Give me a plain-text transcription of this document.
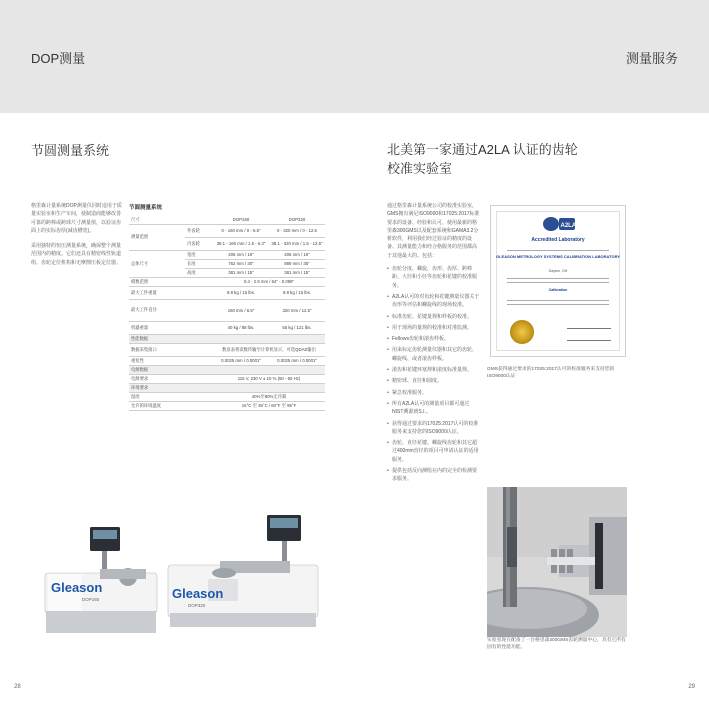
DOP测量	测量服务
节圆测量系统

格里森计量系统DOP测量仪同时适用于质量实验室和生产车间，使制造商能够改善可靠的跨棒或跨球尺寸测量值，以验证齿面上的实际齿厚(减齿槽宽)。

采用独特的恒压测量系统，确保整个测量范围内的精度。它们还具有精密线性轨道组、齿轮定位机构和无摩擦压板定位器。

节圆测量系统
尺寸		DOP160	DOP320
测量范围	外齿轮	0 - 160 mm / 0 - 6.5"	0 - 320 mm / 0 - 12.5
	内齿轮	38.1 - 160 mm / 1.5 - 6.3"	38.1 - 320 mm / 1.5 - 12.6"
总体尺寸	宽度	406 mm / 16"	406 mm / 16"
	长度	762 mm / 30"	889 mm / 35"
	高度	381 mm / 15"	381 mm / 15"
模数范围		0.4 - 2.5 mm / 64" - 0.098"	
最大工件重量		8.8 kg / 15 lbs.	8.8 kg / 15 lbs.
最大工件直径		160 mm / 6.5"	320 mm / 12.5"
机器重量		40 kg / 88 lbs.	55 kg / 121 lbs.
性能数据			
数据采集接口		数显表将读数传输至计算机显示，可选QDAS输出	
重复性		0.0025 mm / 0.0001"	0.0025 mm / 0.0001"
电源数据			
电源要求		115 V, 230 V ± 10 % (50 - 60 Hz)	
环境要求			
湿度		40%至80%无冷凝	
允许的环境温度		15°C 至 35°C / 60°F 至 95°F	
Gleason
DOP160	Gleason
DOP320
28
北美第一家通过A2LA 认证的齿轮校准实验室

通过格里森计量系统公司的校准实验室，GMS拥有满足ISO9000和17025:2017标准要求的设备、经验和认可。使用最新的格里森300GMS以及配套系统和GAMA3.2分析软件，利用我们经过验证的精度的设备、其测量能力和经合格服务的范围都高于其他最大的。包括：

• 齿轮分度、螺旋、齿形、齿厚、跨棒距、大径和小径等齿轮和花键的校准服务。
• A2LA认可的对齿轮和花键测量仪器关于齿形等评估和螺旋线的现场校准。
• 标准齿轮、花键量规和样板的校准。
• 用于现场的量规的校准和对准监测。
• Fellows齿轮和滚齿样板。
• 用来标定齿轮测量仪器和其它的齿轮、螺旋线、或者滚齿样板。
• 滚齿和花键环塞规和滚度标准量规。
• 精密球、直径和圆度。
• 紧急校准服务。
• 所有A2LA认可的测量项目都可通过NIST溯源到S.I.。
• 获得通过要求的17025:2017认可的校准服务来支持您的ISO9000认证。
• 齿轮、直径花键、螺旋线齿轮和其它超过400mm直径的项目可申请认证的适用服务。
• 提供包括反向测绘在内的完全的检测要求服务。
A2LA
Accredited Laboratory
GLEASON METROLOGY SYSTEMS CALIBRATION LABORATORY
Dayton, OH
Calibration
GMS获得通过要求的17025:2017认可的校准服务来支持您的ISO9000认证
实验室现在配备了一台格里森300GMS齿轮测量中心，具有它所有固有的性能功能。
29
